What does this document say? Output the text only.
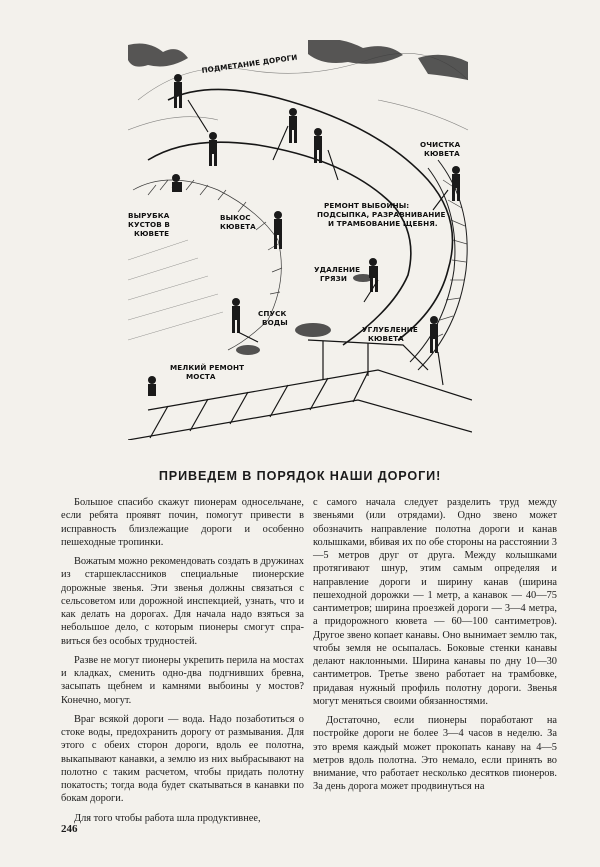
ПОДМЕТАНИЕ ДОРОГИ
ОЧИСТКА
КЮВЕТА
ВЫРУБКА
КУСТОВ В
КЮВЕТЕ
ВЫКОС
КЮВЕТА
РЕМОНТ ВЫБОИНЫ:
ПОДСЫПКА, РАЗРАВНИВАНИЕ
И ТРАМБОВАНИЕ ЩЕБНЯ.
УДАЛЕНИЕ
ГРЯЗИ
СПУСК
ВОДЫ
УГЛУБЛЕНИЕ
КЮВЕТА
МЕЛКИЙ РЕМОНТ
МОСТА
ПРИВЕДЕМ В ПОРЯДОК НАШИ ДОРОГИ!

Большое спасибо скажут пионерам односельчане, если ребята проявят почин, помогут привести в исправность близлежащие дороги и особенно пешеходные тропинки.

Вожатым можно рекомендовать создать в дружинах из старшеклассников специальные пионерские дорожные звенья. Эти звенья должны связаться с сельсоветом или дорожной инспекцией, узнать, что и как делать на дорогах. Для начала надо взяться за небольшое дело, с которым пионеры смогут справиться без особых трудностей.

Разве не могут пионеры укрепить перила на мостах и кладках, сменить одно-два подгнивших бревна, засыпать щебнем и камнями выбоины у мостов? Конечно, могут.

Враг всякой дороги — вода. Надо позаботиться о стоке воды, предохранить дорогу от размывания. Для этого с обеих сторон дороги, вдоль ее полотна, выкапывают канавки, а землю из них выбрасывают на полотно с таким расчетом, чтобы придать полотну покатость; тогда вода будет скатываться в канавки по бокам дороги.

Для того чтобы работа шла продуктивнее,

с самого начала следует разделить труд между звеньями (или отрядами). Одно звено может обозначить направление полотна дороги и канав колышками, вбивая их по обе стороны на расстоянии 3—5 метров друг от друга. Между колышками протягивают шнур, этим самым определяя и направление дороги и ширину канав (ширина пешеходной дорожки — 1 метр, а канавок — 40—75 сантиметров; ширина проезжей дороги — 3—4 метра, а придорожного кювета — 60—100 сантиметров). Другое звено копает канавы. Оно вынимает землю так, чтобы земля не осыпалась. Боковые стенки канавы делают наклонными. Ширина канавы по дну 10—30 сантиметров. Третье звено работает на трамбовке, придавая нужный профиль полотну дороги. Звенья могут меняться своими обязанностями.

Достаточно, если пионеры поработают на постройке дороги не более 3—4 часов в неделю. За это время каждый может прокопать канаву на 4—5 метров вдоль полотна. Это немало, если принять во внимание, что работает несколько десятков пионеров. За день дорога может продвинуться на

246
